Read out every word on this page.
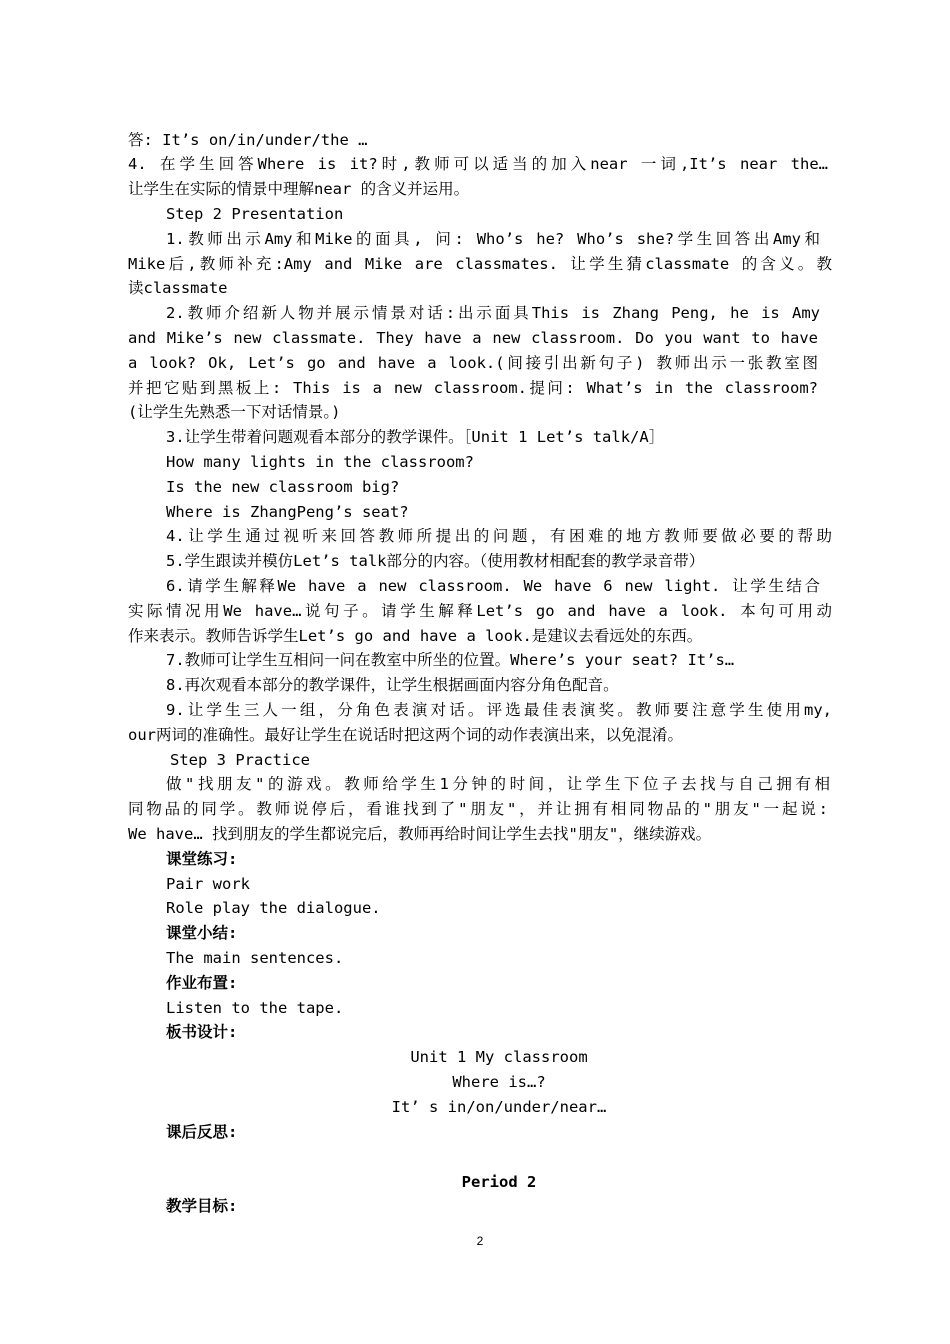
答: It’s on/in/under/the …
4. 在学生回答Where is it?时,教师可以适当的加入near 一词,It’s near the…
让学生在实际的情景中理解near 的含义并运用。
Step 2 Presentation
1.教师出示Amy和Mike的面具, 问: Who’s he? Who’s she?学生回答出Amy和
Mike后,教师补充:Amy and Mike are classmates. 让学生猜classmate 的含义。教
读classmate
2.教师介绍新人物并展示情景对话:出示面具This is Zhang Peng, he is Amy
and Mike’s new classmate. They have a new classroom. Do you want to have
a look? Ok, Let’s go and have a look.(间接引出新句子) 教师出示一张教室图
并把它贴到黑板上: This is a new classroom.提问: What’s in the classroom?
(让学生先熟悉一下对话情景。)
3.让学生带着问题观看本部分的教学课件。［Unit 1 Let’s talk/A］
How many lights in the classroom?
Is the new classroom big?
Where is ZhangPeng’s seat?
4.让学生通过视听来回答教师所提出的问题，有困难的地方教师要做必要的帮助
5.学生跟读并模仿Let’s talk部分的内容。（使用教材相配套的教学录音带）
6.请学生解释We have a new classroom. We have 6 new light. 让学生结合
实际情况用We have…说句子。请学生解释Let’s go and have a look. 本句可用动
作来表示。教师告诉学生Let’s go and have a look.是建议去看远处的东西。
7.教师可让学生互相问一问在教室中所坐的位置。Where’s your seat? It’s…
8.再次观看本部分的教学课件，让学生根据画面内容分角色配音。
9.让学生三人一组，分角色表演对话。评选最佳表演奖。教师要注意学生使用my,
our两词的准确性。最好让学生在说话时把这两个词的动作表演出来，以免混淆。
Step 3 Practice
做"找朋友"的游戏。教师给学生1分钟的时间，让学生下位子去找与自己拥有相
同物品的同学。教师说停后，看谁找到了"朋友"，并让拥有相同物品的"朋友"一起说:
We have… 找到朋友的学生都说完后，教师再给时间让学生去找"朋友"，继续游戏。
课堂练习:
Pair work
Role play the dialogue.
课堂小结:
The main sentences.
作业布置:
Listen to the tape.
板书设计:
Unit 1 My classroom
Where is…?
It’ s in/on/under/near…
课后反思:
Period 2
教学目标:
2
